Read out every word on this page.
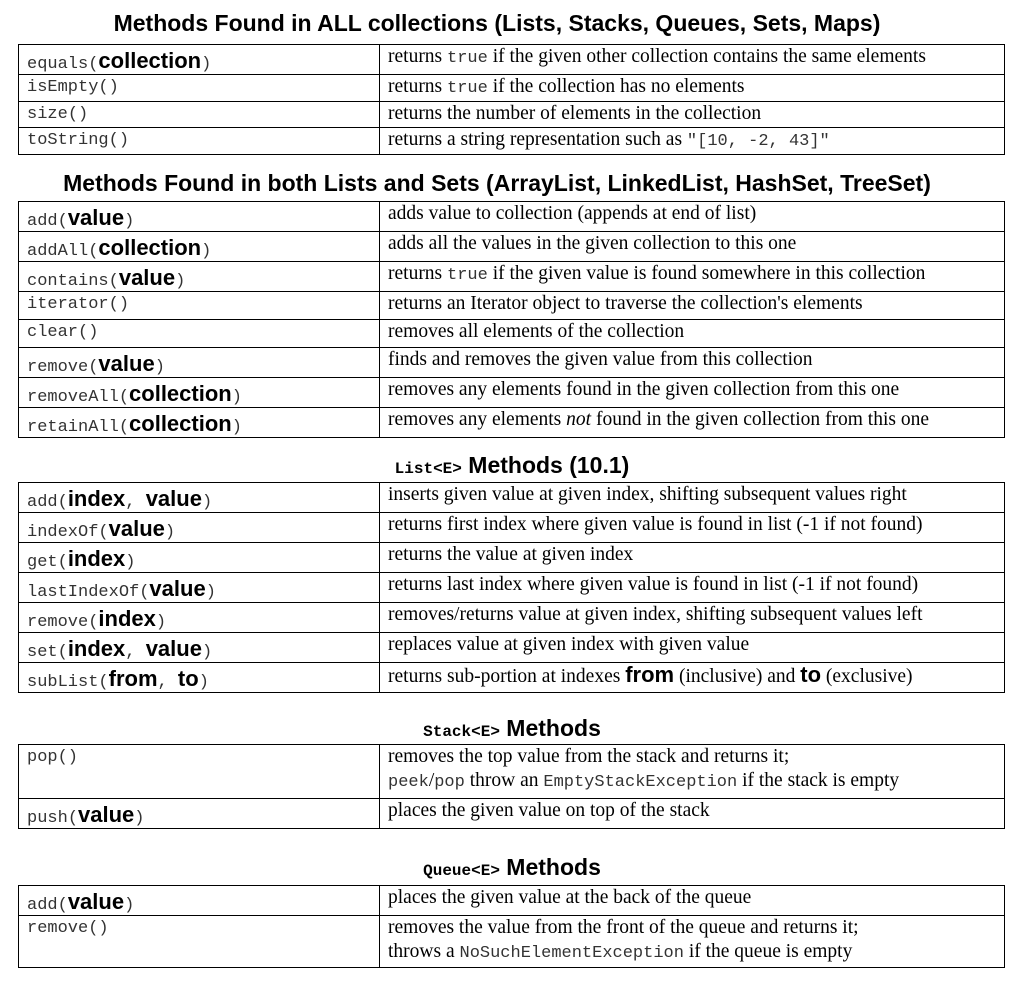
Methods Found in ALL collections (Lists, Stacks, Queues, Sets, Maps)
equals(collection)	returns true if the given other collection contains the same elements
isEmpty()	returns true if the collection has no elements
size()	returns the number of elements in the collection
toString()	returns a string representation such as "[10, -2, 43]"
Methods Found in both Lists and Sets (ArrayList, LinkedList, HashSet, TreeSet)
add(value)	adds value to collection (appends at end of list)
addAll(collection)	adds all the values in the given collection to this one
contains(value)	returns true if the given value is found somewhere in this collection
iterator()	returns an Iterator object to traverse the collection's elements
clear()	removes all elements of the collection
remove(value)	finds and removes the given value from this collection
removeAll(collection)	removes any elements found in the given collection from this one
retainAll(collection)	removes any elements not found in the given collection from this one
List<E> Methods (10.1)
add(index, value)	inserts given value at given index, shifting subsequent values right
indexOf(value)	returns first index where given value is found in list (-1 if not found)
get(index)	returns the value at given index
lastIndexOf(value)	returns last index where given value is found in list (-1 if not found)
remove(index)	removes/returns value at given index, shifting subsequent values left
set(index, value)	replaces value at given index with given value
subList(from, to)	returns sub-portion at indexes from (inclusive) and to (exclusive)
Stack<E> Methods
pop()	removes the top value from the stack and returns it;
peek/pop throw an EmptyStackException if the stack is empty
push(value)	places the given value on top of the stack
Queue<E> Methods
add(value)	places the given value at the back of the queue
remove()	removes the value from the front of the queue and returns it;
throws a NoSuchElementException if the queue is empty
